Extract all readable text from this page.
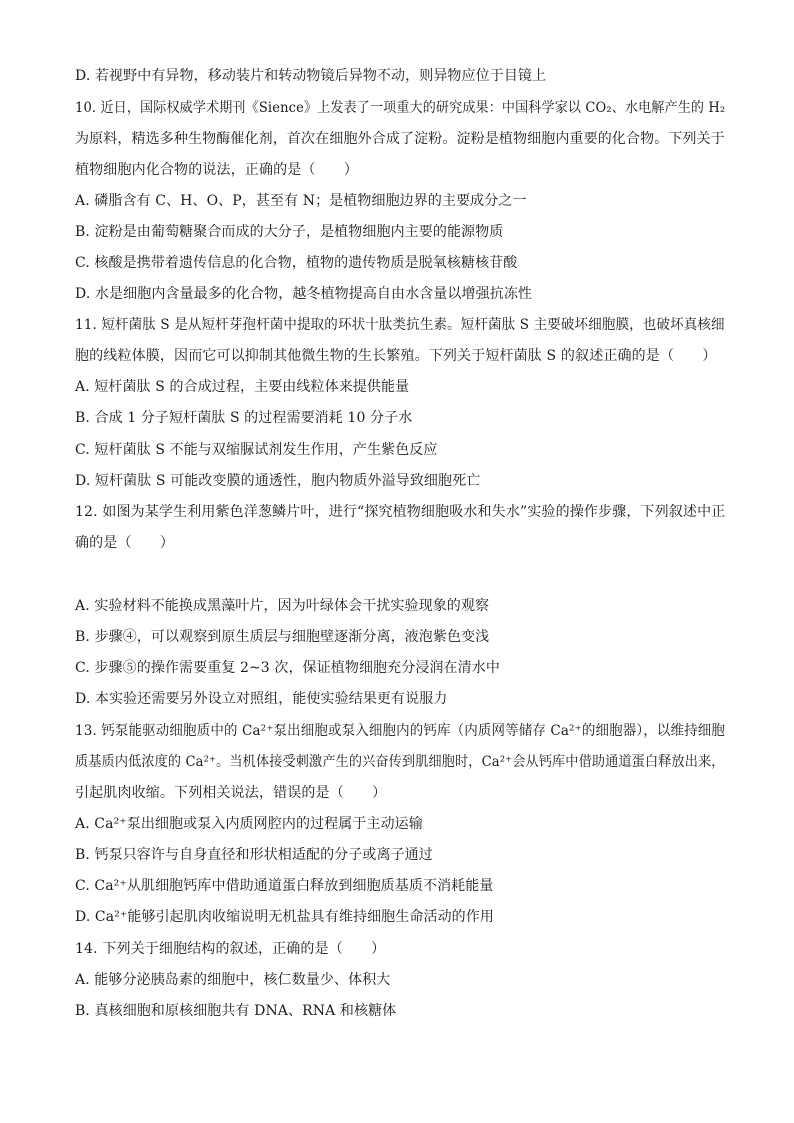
D. 若视野中有异物，移动装片和转动物镜后异物不动，则异物应位于目镜上
10. 近日，国际权威学术期刊《Sience》上发表了一项重大的研究成果：中国科学家以 CO₂、水电解产生的 H₂
为原料，精选多种生物酶催化剂，首次在细胞外合成了淀粉。淀粉是植物细胞内重要的化合物。下列关于
植物细胞内化合物的说法，正确的是（　　）
A. 磷脂含有 C、H、O、P，甚至有 N；是植物细胞边界的主要成分之一
B. 淀粉是由葡萄糖聚合而成的大分子，是植物细胞内主要的能源物质
C. 核酸是携带着遗传信息的化合物，植物的遗传物质是脱氧核糖核苷酸
D. 水是细胞内含量最多的化合物，越冬植物提高自由水含量以增强抗冻性
11. 短杆菌肽 S 是从短杆芽孢杆菌中提取的环状十肽类抗生素。短杆菌肽 S 主要破坏细胞膜，也破坏真核细
胞的线粒体膜，因而它可以抑制其他微生物的生长繁殖。下列关于短杆菌肽 S 的叙述正确的是（　　）
A. 短杆菌肽 S 的合成过程，主要由线粒体来提供能量
B. 合成 1 分子短杆菌肽 S 的过程需要消耗 10 分子水
C. 短杆菌肽 S 不能与双缩脲试剂发生作用，产生紫色反应
D. 短杆菌肽 S 可能改变膜的通透性，胞内物质外溢导致细胞死亡
12. 如图为某学生利用紫色洋葱鳞片叶，进行“探究植物细胞吸水和失水”实验的操作步骤，下列叙述中正
确的是（　　）
A. 实验材料不能换成黑藻叶片，因为叶绿体会干扰实验现象的观察
B. 步骤④，可以观察到原生质层与细胞壁逐渐分离，液泡紫色变浅
C. 步骤⑤的操作需要重复 2~3 次，保证植物细胞充分浸润在清水中
D. 本实验还需要另外设立对照组，能使实验结果更有说服力
13. 钙泵能驱动细胞质中的 Ca²⁺泵出细胞或泵入细胞内的钙库（内质网等储存 Ca²⁺的细胞器），以维持细胞
质基质内低浓度的 Ca²⁺。当机体接受刺激产生的兴奋传到肌细胞时，Ca²⁺会从钙库中借助通道蛋白释放出来，
引起肌肉收缩。下列相关说法，错误的是（　　）
A. Ca²⁺泵出细胞或泵入内质网腔内的过程属于主动运输
B. 钙泵只容许与自身直径和形状相适配的分子或离子通过
C. Ca²⁺从肌细胞钙库中借助通道蛋白释放到细胞质基质不消耗能量
D. Ca²⁺能够引起肌肉收缩说明无机盐具有维持细胞生命活动的作用
14. 下列关于细胞结构的叙述，正确的是（　　）
A. 能够分泌胰岛素的细胞中，核仁数量少、体积大
B. 真核细胞和原核细胞共有 DNA、RNA 和核糖体
